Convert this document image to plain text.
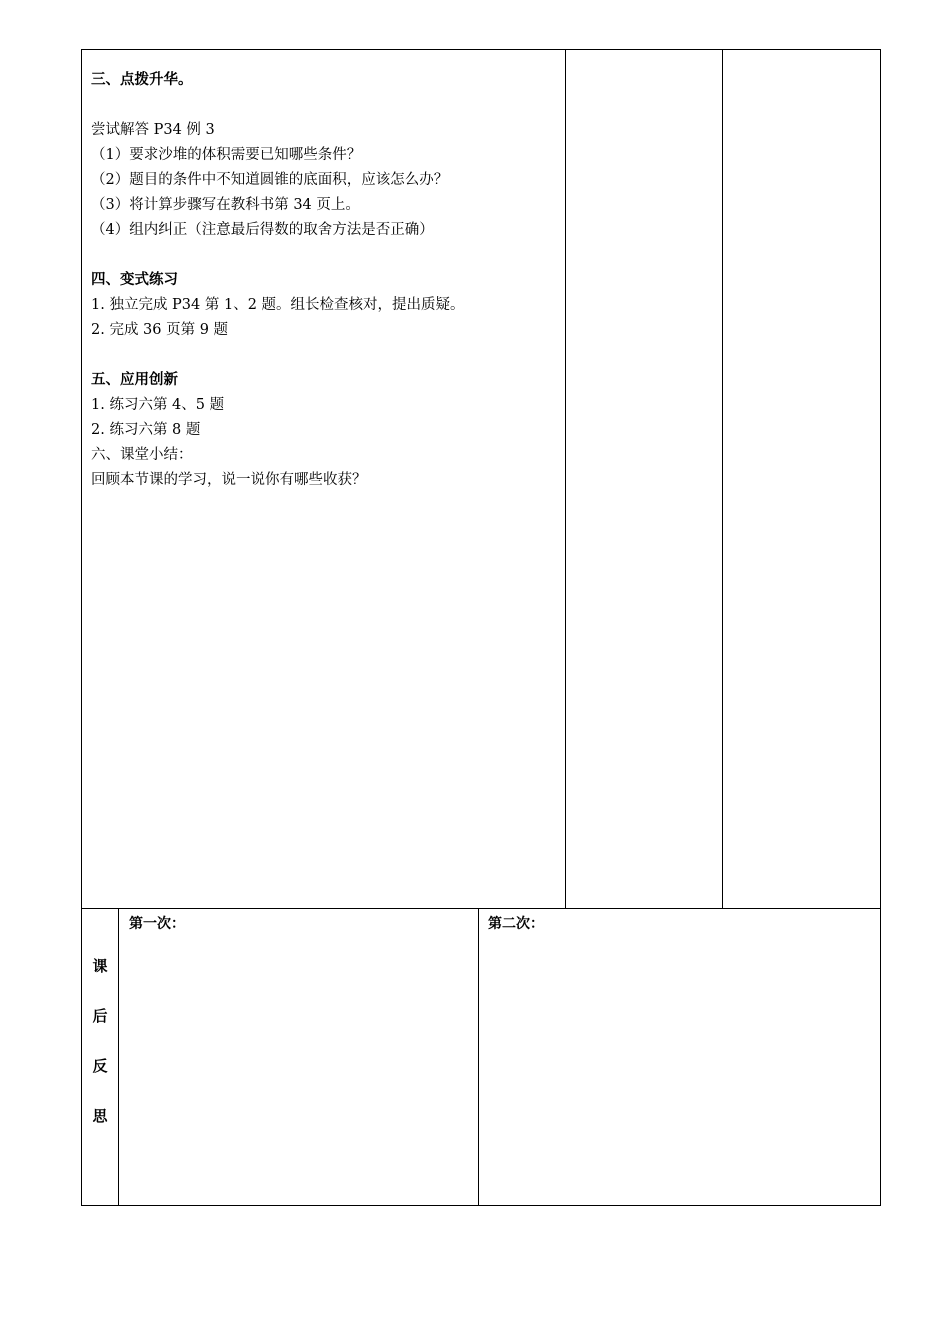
三、点拨升华。
尝试解答 P34 例 3
（1）要求沙堆的体积需要已知哪些条件？
（2）题目的条件中不知道圆锥的底面积，应该怎么办？
（3）将计算步骤写在教科书第 34 页上。
（4）组内纠正（注意最后得数的取舍方法是否正确）
四、变式练习
1. 独立完成 P34 第 1、2 题。组长检查核对，提出质疑。
2. 完成 36 页第 9 题
五、应用创新
1. 练习六第 4、5 题
2. 练习六第 8 题
六、课堂小结：
回顾本节课的学习，说一说你有哪些收获？
课
后
反
思
第一次：	第二次：
